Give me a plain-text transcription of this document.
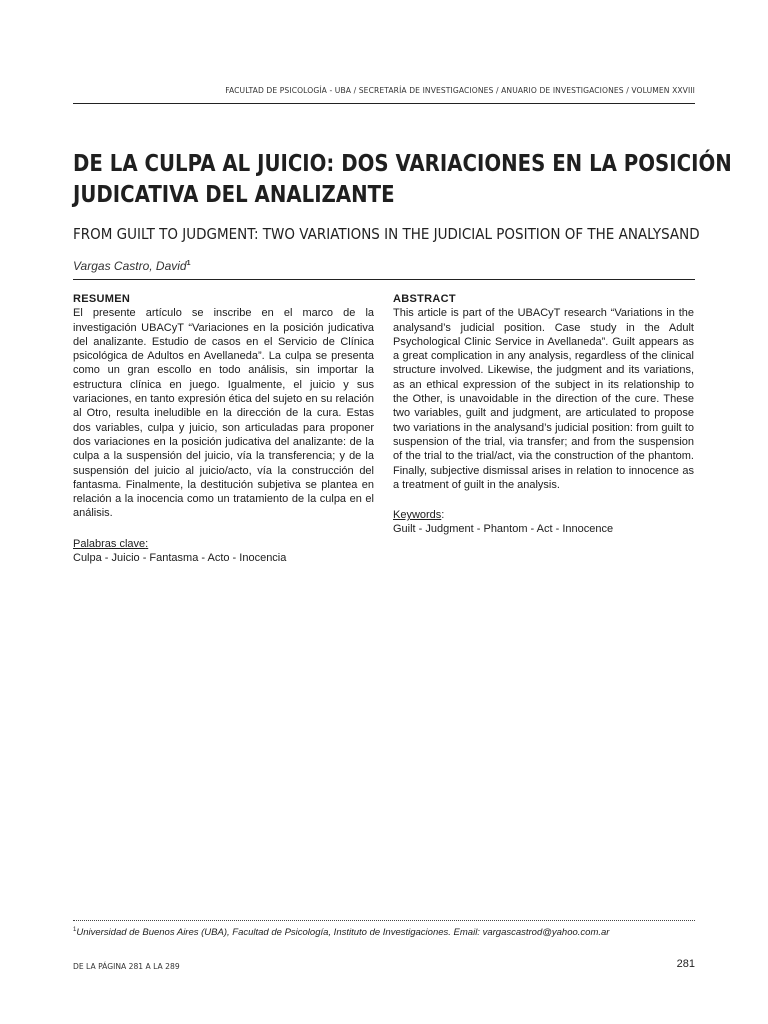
FACULTAD DE PSICOLOGÍA - UBA / SECRETARÍA DE INVESTIGACIONES / ANUARIO DE INVESTIGACIONES / VOLUMEN XXVIII
DE LA CULPA AL JUICIO: DOS VARIACIONES EN LA POSICIÓN
JUDICATIVA DEL ANALIZANTE
FROM GUILT TO JUDGMENT: TWO VARIATIONS IN THE JUDICIAL POSITION OF THE ANALYSAND
Vargas Castro, David$^1$

RESUMEN

El presente artículo se inscribe en el marco de la investigación UBACyT “Variaciones en la posición judicativa del analizante. Estudio de casos en el Servicio de Clínica psicológica de Adultos en Avellaneda”. La culpa se presenta como un gran escollo en todo análisis, sin importar la estructura clínica en juego. Igualmente, el juicio y sus variaciones, en tanto expresión ética del sujeto en su relación al Otro, resulta ineludible en la dirección de la cura. Estas dos variables, culpa y juicio, son articuladas para proponer dos variaciones en la posición judicativa del analizante: de la culpa a la suspensión del juicio, vía la transferencia; y de la suspensión del juicio al juicio/acto, vía la construcción del fantasma. Finalmente, la destitución subjetiva se plantea en relación a la inocencia como un tratamiento de la culpa en el análisis.

Palabras clave:

Culpa - Juicio - Fantasma - Acto - Inocencia

ABSTRACT

This article is part of the UBACyT research “Variations in the analysand’s judicial position. Case study in the Adult Psychological Clinic Service in Avellaneda”. Guilt appears as a great complication in any analysis, regardless of the clinical structure involved. Likewise, the judgment and its variations, as an ethical expression of the subject in its relationship to the Other, is unavoidable in the direction of the cure. These two variables, guilt and judgment, are articulated to propose two variations in the analysand’s judicial position: from guilt to suspension of the trial, via transfer; and from the suspension of the trial to the trial/act, via the construction of the phantom. Finally, subjective dismissal arises in relation to innocence as a treatment of guilt in the analysis.

Keywords:

Guilt - Judgment - Phantom - Act - Innocence

$^1$Universidad de Buenos Aires (UBA), Facultad de Psicología, Instituto de Investigaciones. Email: vargascastrod@yahoo.com.ar
DE LA PÁGINA 281 A LA 289	281
